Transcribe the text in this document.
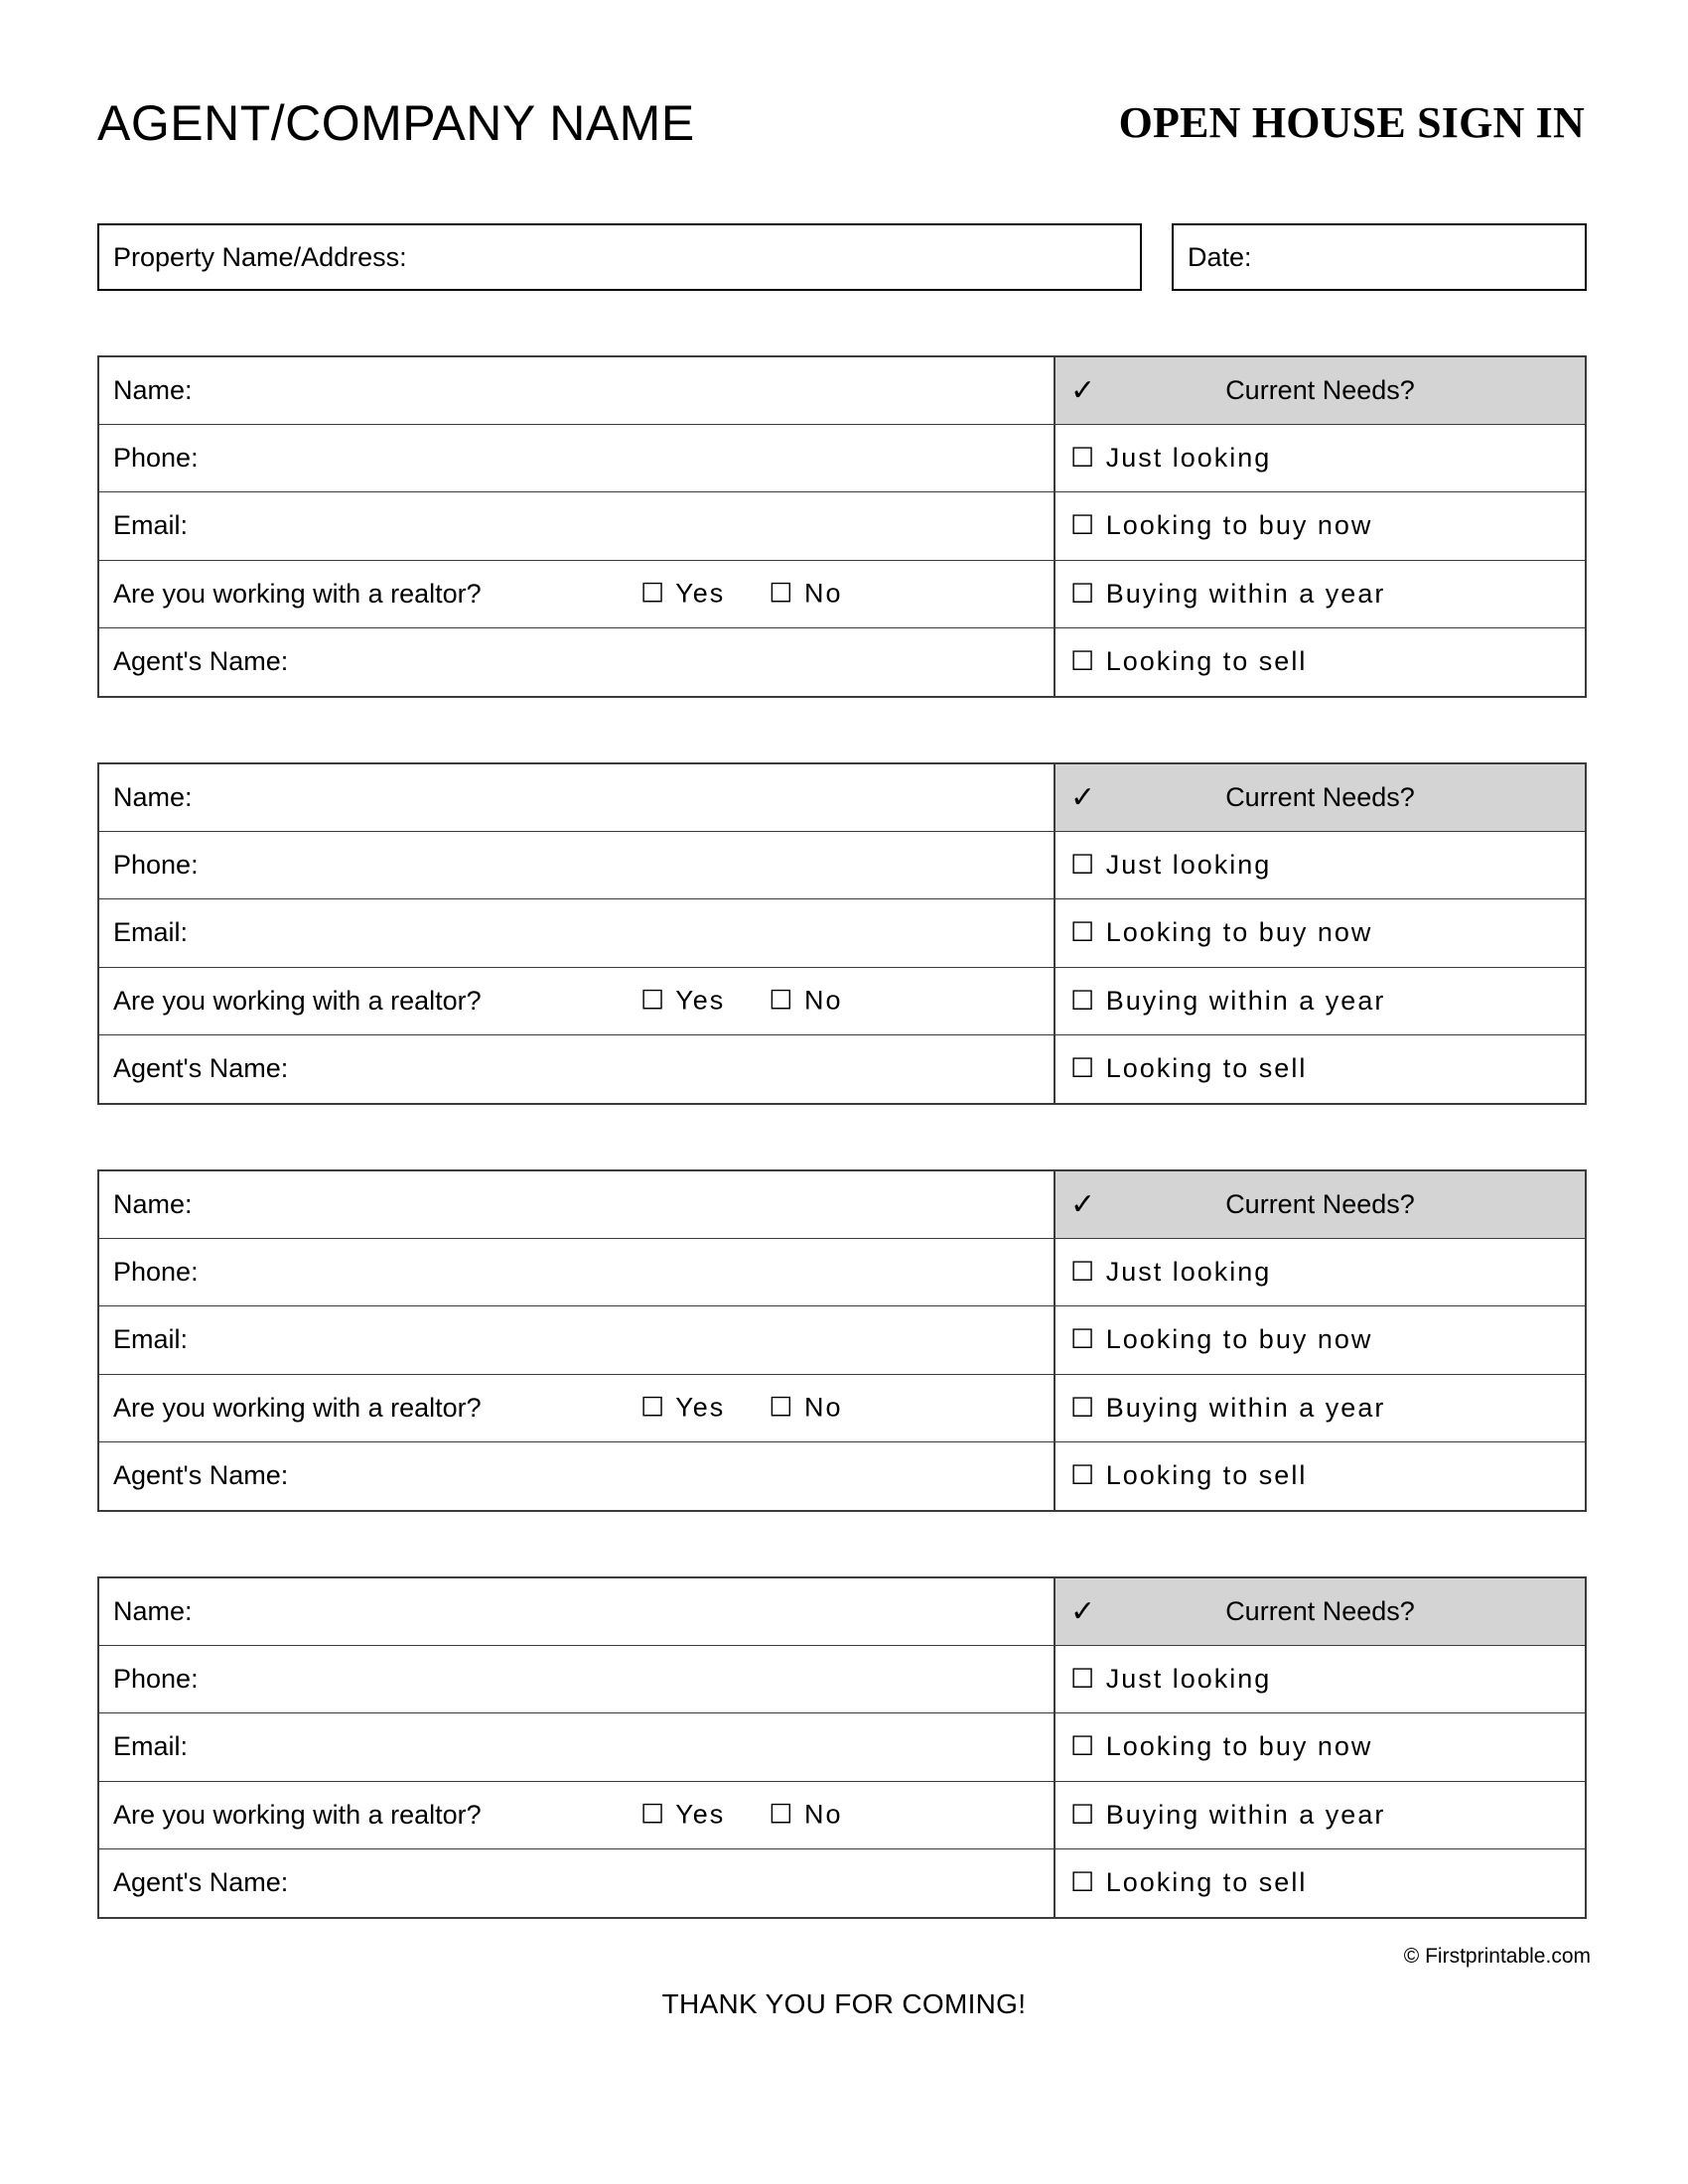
AGENT/COMPANY NAME	OPEN HOUSE SIGN IN
Property Name/Address:	Date:
Name:	✓	Current Needs?
Phone:	☐ Just looking
Email:	☐ Looking to buy now
Are you working with a realtor?	☐ Yes ☐ No	☐ Buying within a year
Agent's Name:	☐ Looking to sell
Name:	✓	Current Needs?
Phone:	☐ Just looking
Email:	☐ Looking to buy now
Are you working with a realtor?	☐ Yes ☐ No	☐ Buying within a year
Agent's Name:	☐ Looking to sell
Name:	✓	Current Needs?
Phone:	☐ Just looking
Email:	☐ Looking to buy now
Are you working with a realtor?	☐ Yes ☐ No	☐ Buying within a year
Agent's Name:	☐ Looking to sell
Name:	✓	Current Needs?
Phone:	☐ Just looking
Email:	☐ Looking to buy now
Are you working with a realtor?	☐ Yes ☐ No	☐ Buying within a year
Agent's Name:	☐ Looking to sell
© Firstprintable.com
THANK YOU FOR COMING!
